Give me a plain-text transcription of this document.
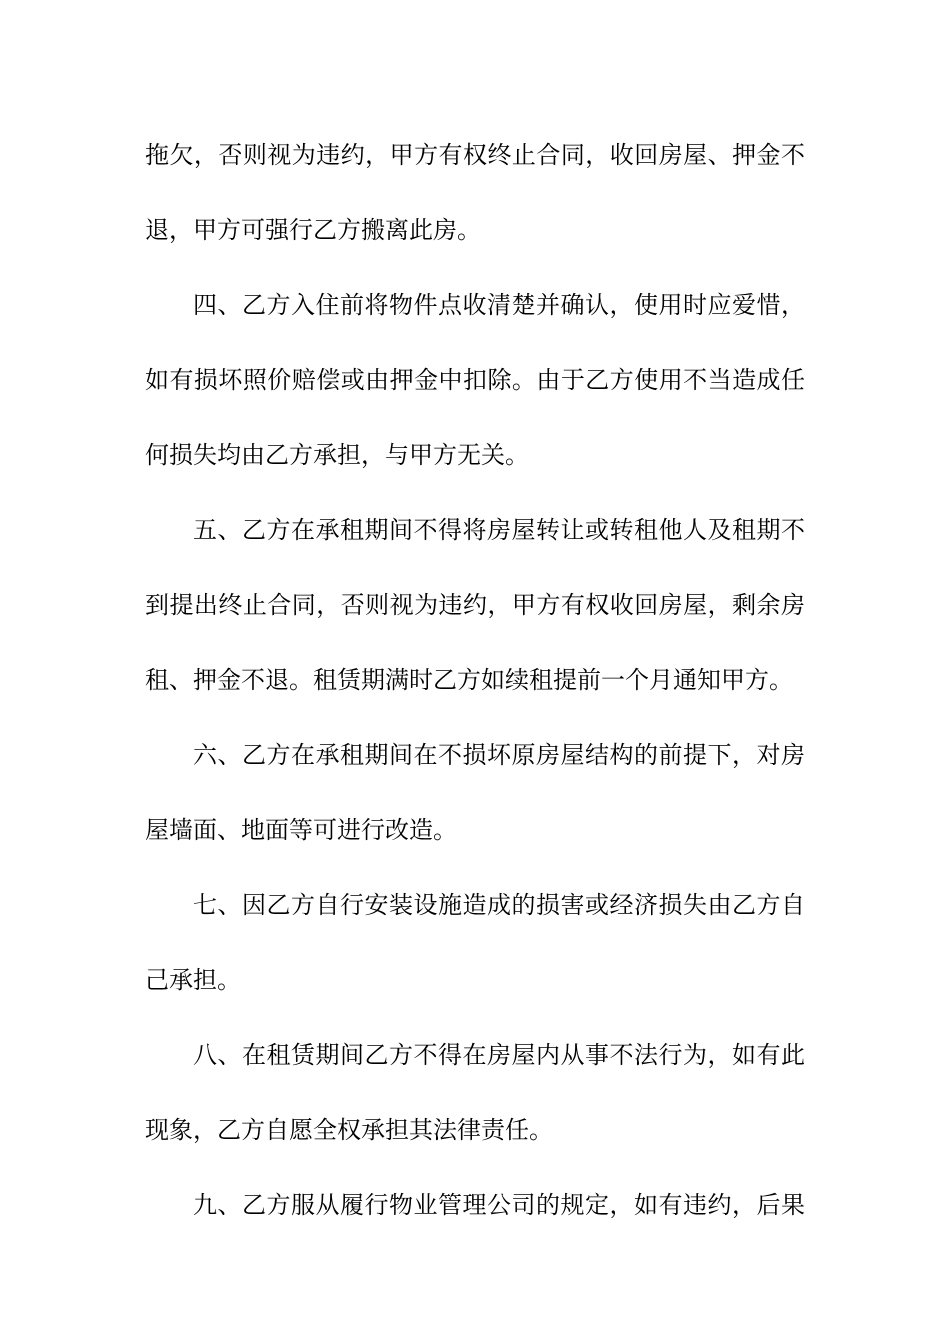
拖欠，否则视为违约，甲方有权终止合同，收回房屋、押金不
退，甲方可强行乙方搬离此房。
四、乙方入住前将物件点收清楚并确认，使用时应爱惜，
如有损坏照价赔偿或由押金中扣除。由于乙方使用不当造成任
何损失均由乙方承担，与甲方无关。
五、乙方在承租期间不得将房屋转让或转租他人及租期不
到提出终止合同，否则视为违约，甲方有权收回房屋，剩余房
租、押金不退。租赁期满时乙方如续租提前一个月通知甲方。
六、乙方在承租期间在不损坏原房屋结构的前提下，对房
屋墙面、地面等可进行改造。
七、因乙方自行安装设施造成的损害或经济损失由乙方自
己承担。
八、在租赁期间乙方不得在房屋内从事不法行为，如有此
现象，乙方自愿全权承担其法律责任。
九、乙方服从履行物业管理公司的规定，如有违约，后果
